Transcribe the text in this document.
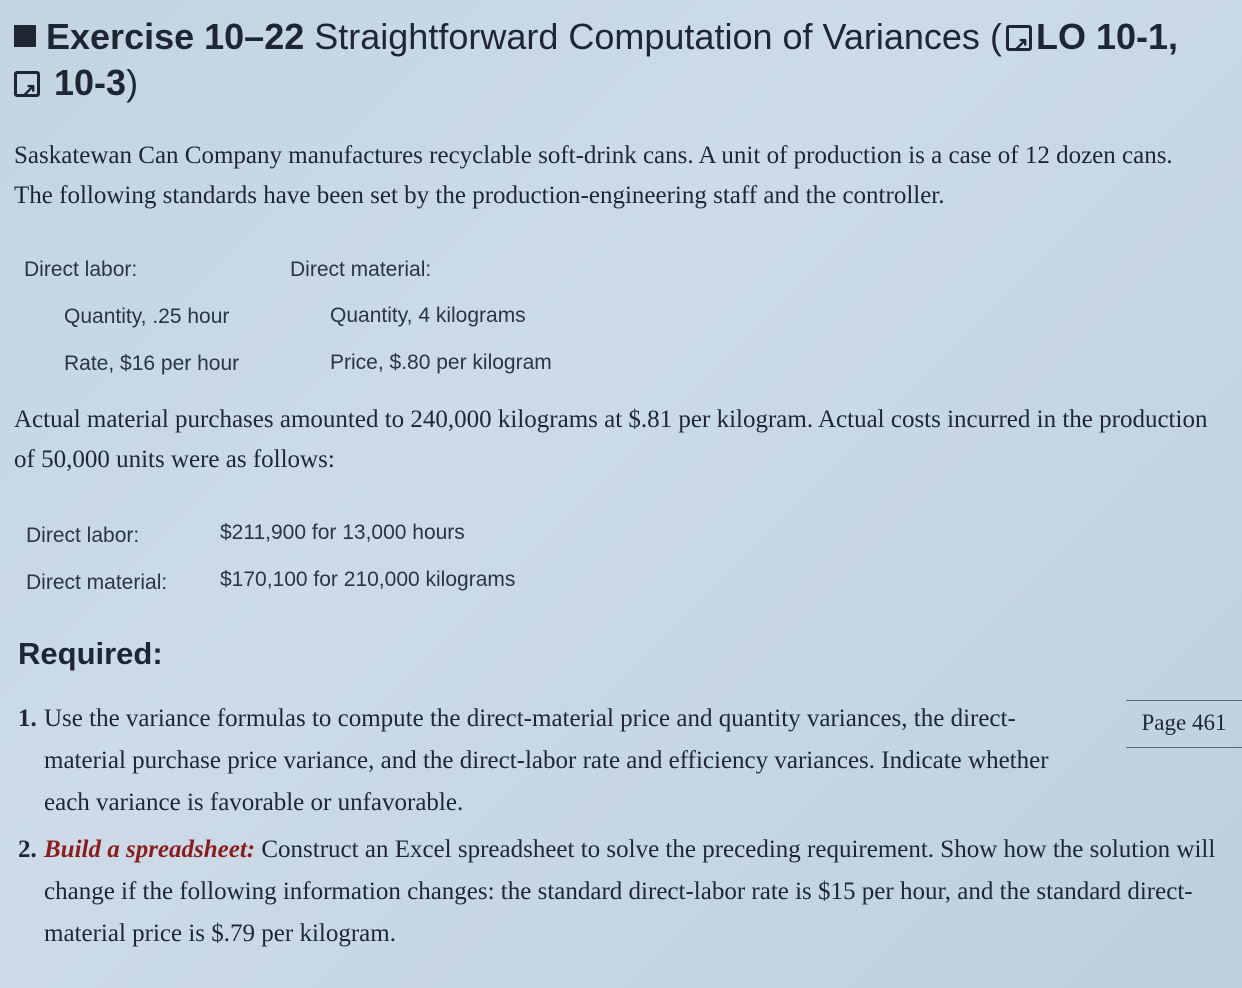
Exercise 10–22 Straightforward Computation of Variances (↗ LO 10-1,
↗ 10-3)
Saskatewan Can Company manufactures recyclable soft-drink cans. A unit of production is a case of 12 dozen cans. The following standards have been set by the production-engineering staff and the controller.
Direct labor:
Quantity, .25 hour
Rate, $16 per hour
Direct material:
Quantity, 4 kilograms
Price, $.80 per kilogram
Actual material purchases amounted to 240,000 kilograms at $.81 per kilogram. Actual costs incurred in the production of 50,000 units were as follows:
Direct labor:	$211,900 for 13,000 hours
Direct material:	$170,100 for 210,000 kilograms
Required:
1. Use the variance formulas to compute the direct-material price and quantity variances, the direct-material purchase price variance, and the direct-labor rate and efficiency variances. Indicate whether each variance is favorable or unfavorable.
Page 461
2. Build a spreadsheet: Construct an Excel spreadsheet to solve the preceding requirement. Show how the solution will change if the following information changes: the standard direct-labor rate is $15 per hour, and the standard direct-material price is $.79 per kilogram.
